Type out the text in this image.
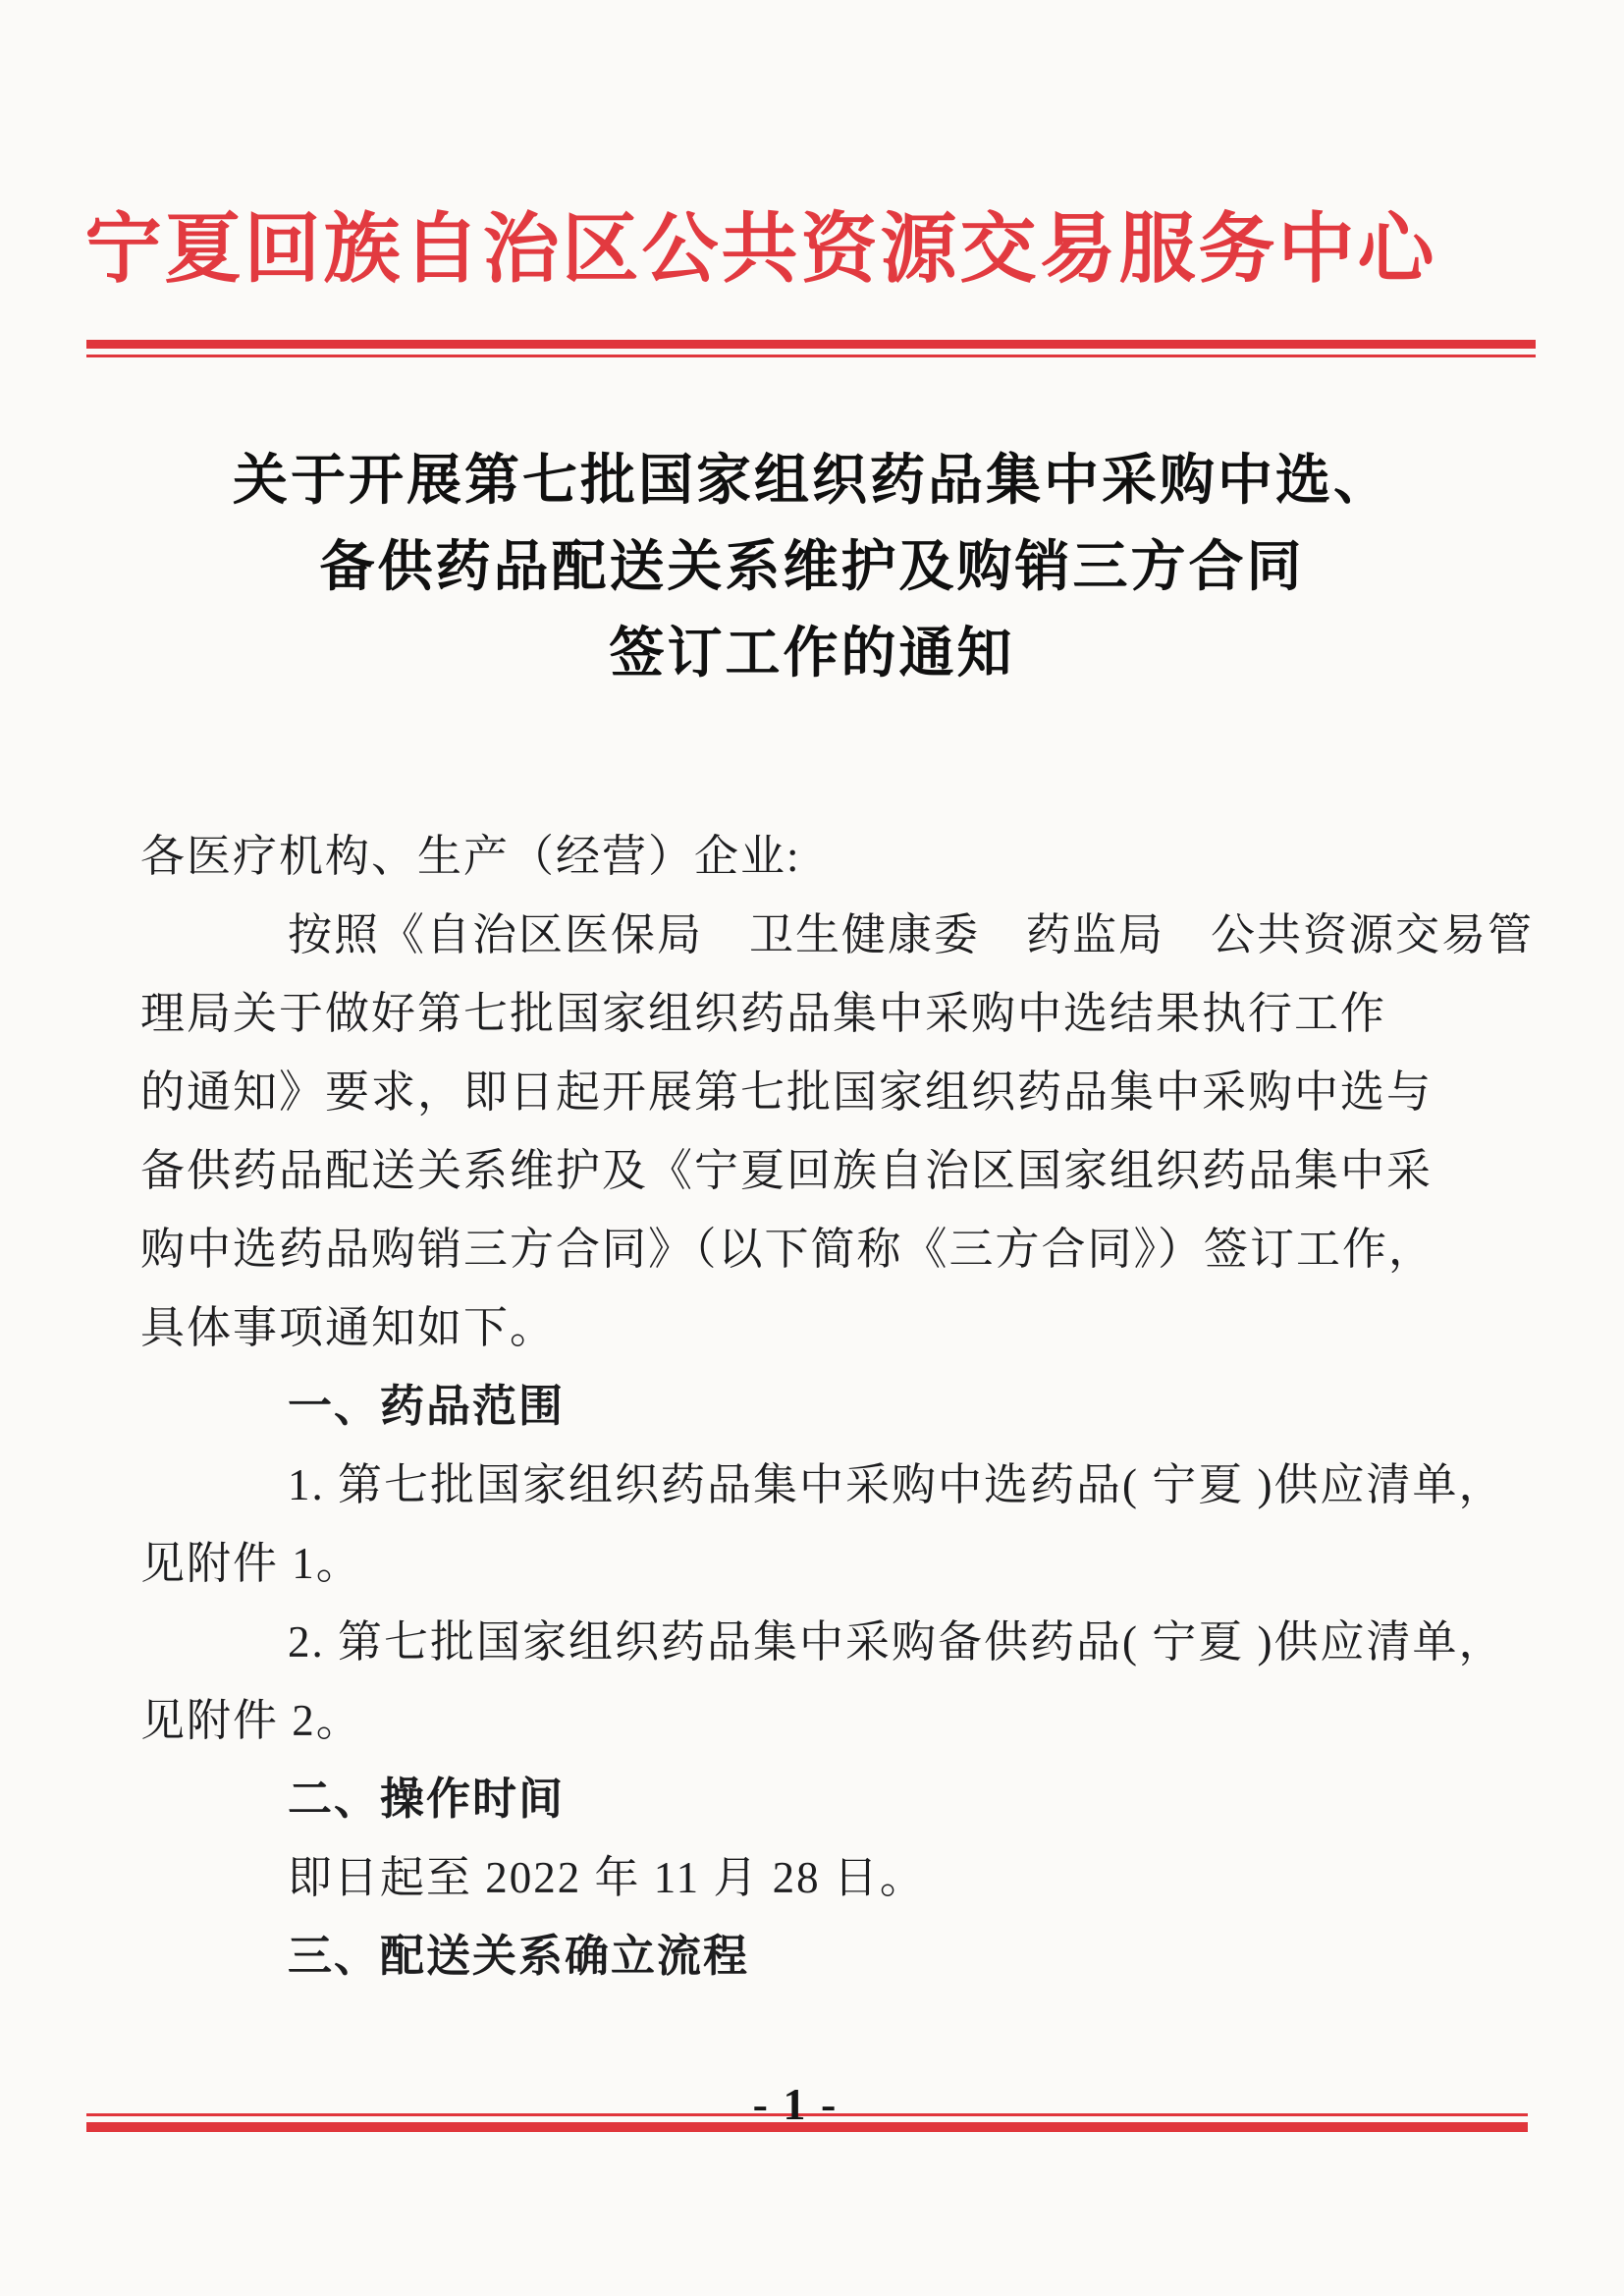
宁夏回族自治区公共资源交易服务中心
关于开展第七批国家组织药品集中采购中选、
备供药品配送关系维护及购销三方合同
签订工作的通知
各医疗机构、生产（经营）企业:
按照《自治区医保局　卫生健康委　药监局　公共资源交易管
理局关于做好第七批国家组织药品集中采购中选结果执行工作
的通知》要求，即日起开展第七批国家组织药品集中采购中选与
备供药品配送关系维护及《宁夏回族自治区国家组织药品集中采
购中选药品购销三方合同》（以下简称《三方合同》）签订工作，
具体事项通知如下。
一、药品范围
1. 第七批国家组织药品集中采购中选药品( 宁夏 )供应清单，
见附件 1。
2. 第七批国家组织药品集中采购备供药品( 宁夏 )供应清单，
见附件 2。
二、操作时间
即日起至 2022 年 11 月 28 日。
三、配送关系确立流程
- 1 -
